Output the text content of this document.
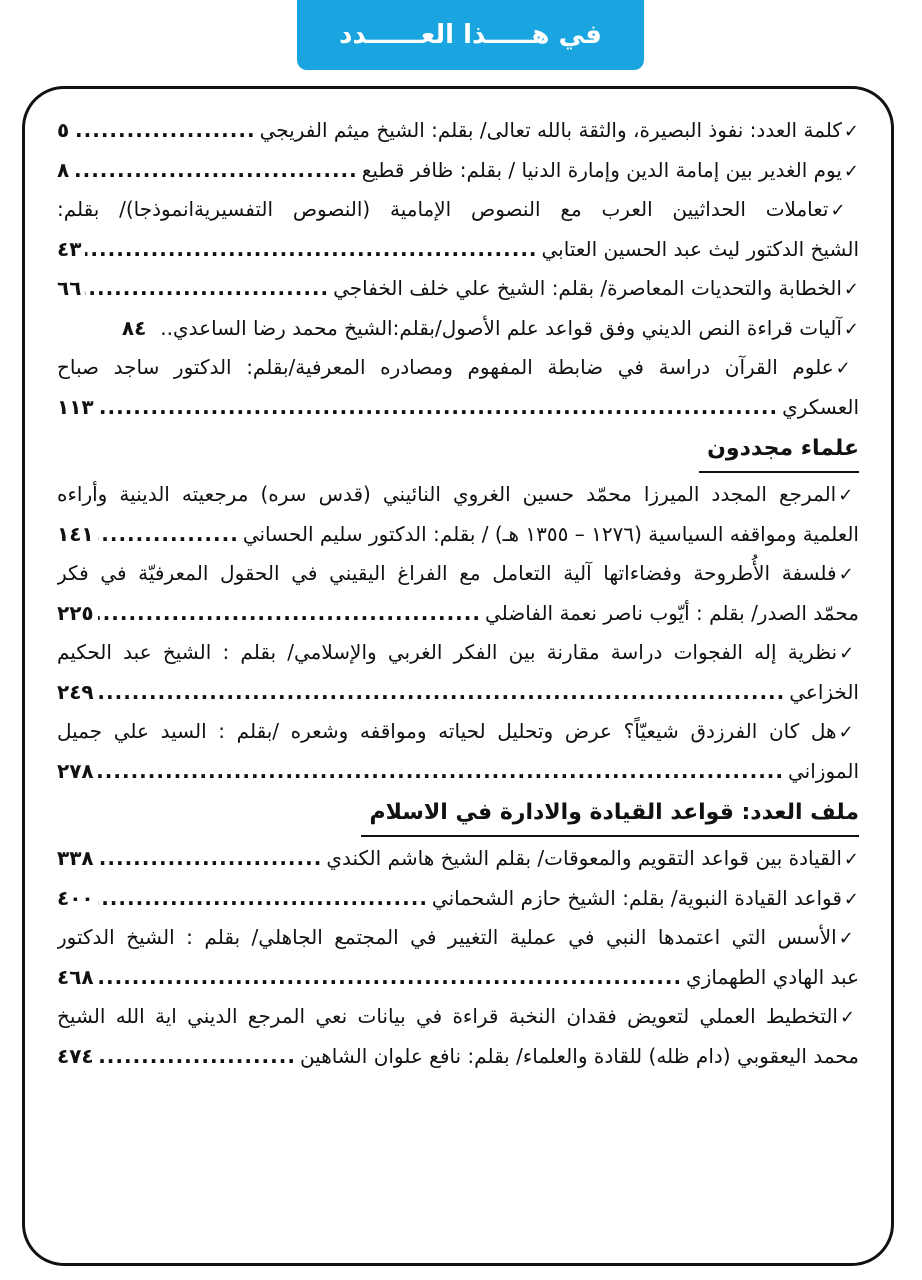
في هـــــذا العــــــدد
✓
كلمة العدد: نفوذ البصيرة، والثقة بالله تعالى/ بقلم: الشيخ ميثم الفريجي
.....
٥
✓
يوم الغدير بين إمامة الدين وإمارة الدنيا / بقلم: ظافر قطيع
.....
٨
✓تعاملات الحداثيين العرب مع النصوص الإمامية (النصوص التفسيريةانموذجا)/ بقلم:
الشيخ الدكتور ليث عبد الحسين العتابي
.....
٤٣
✓
الخطابة والتحديات المعاصرة/ بقلم: الشيخ علي خلف الخفاجي
.....
٦٦
✓
آليات قراءة النص الديني وفق قواعد علم الأصول/بقلم:الشيخ محمد رضا الساعدي..
٨٤
✓علوم القرآن دراسة في ضابطة المفهوم ومصادره المعرفية/بقلم: الدكتور ساجد صباح
العسكري
.....
١١٣
علماء مجددون
✓المرجع المجدد الميرزا محمّد حسين الغروي النائيني (قدس سره) مرجعيته الدينية وأراءه
العلمية ومواقفه السياسية (١٢٧٦ – ١٣٥٥ هـ) / بقلم: الدكتور سليم الحساني
.....
١٤١
✓فلسفة الأُطروحة وفضاءاتها آلية التعامل مع الفراغ اليقيني في الحقول المعرفيّة في فكر
محمّد الصدر/ بقلم : أيّوب ناصر نعمة الفاضلي
.....
٢٢٥
✓نظرية إله الفجوات دراسة مقارنة بين الفكر الغربي والإسلامي/ بقلم : الشيخ عبد الحكيم
الخزاعي
.....
٢٤٩
✓هل كان الفرزدق شيعيّاً؟ عرض وتحليل لحياته ومواقفه وشعره /بقلم : السيد علي جميل
الموزاني
.....
٢٧٨
ملف العدد: قواعد القيادة والادارة في الاسلام
✓
القيادة بين قواعد التقويم والمعوقات/ بقلم الشيخ هاشم الكندي
.....
٣٣٨
✓
قواعد القيادة النبوية/ بقلم: الشيخ حازم الشحماني
.....
٤٠٠
✓الأسس التي اعتمدها النبي في عملية التغيير في المجتمع الجاهلي/ بقلم : الشيخ الدكتور
عبد الهادي الطهمازي
.....
٤٦٨
✓التخطيط العملي لتعويض فقدان النخبة قراءة في بيانات نعي المرجع الديني اية الله الشيخ
محمد اليعقوبي (دام ظله) للقادة والعلماء/ بقلم: نافع علوان الشاهين
.....
٤٧٤
